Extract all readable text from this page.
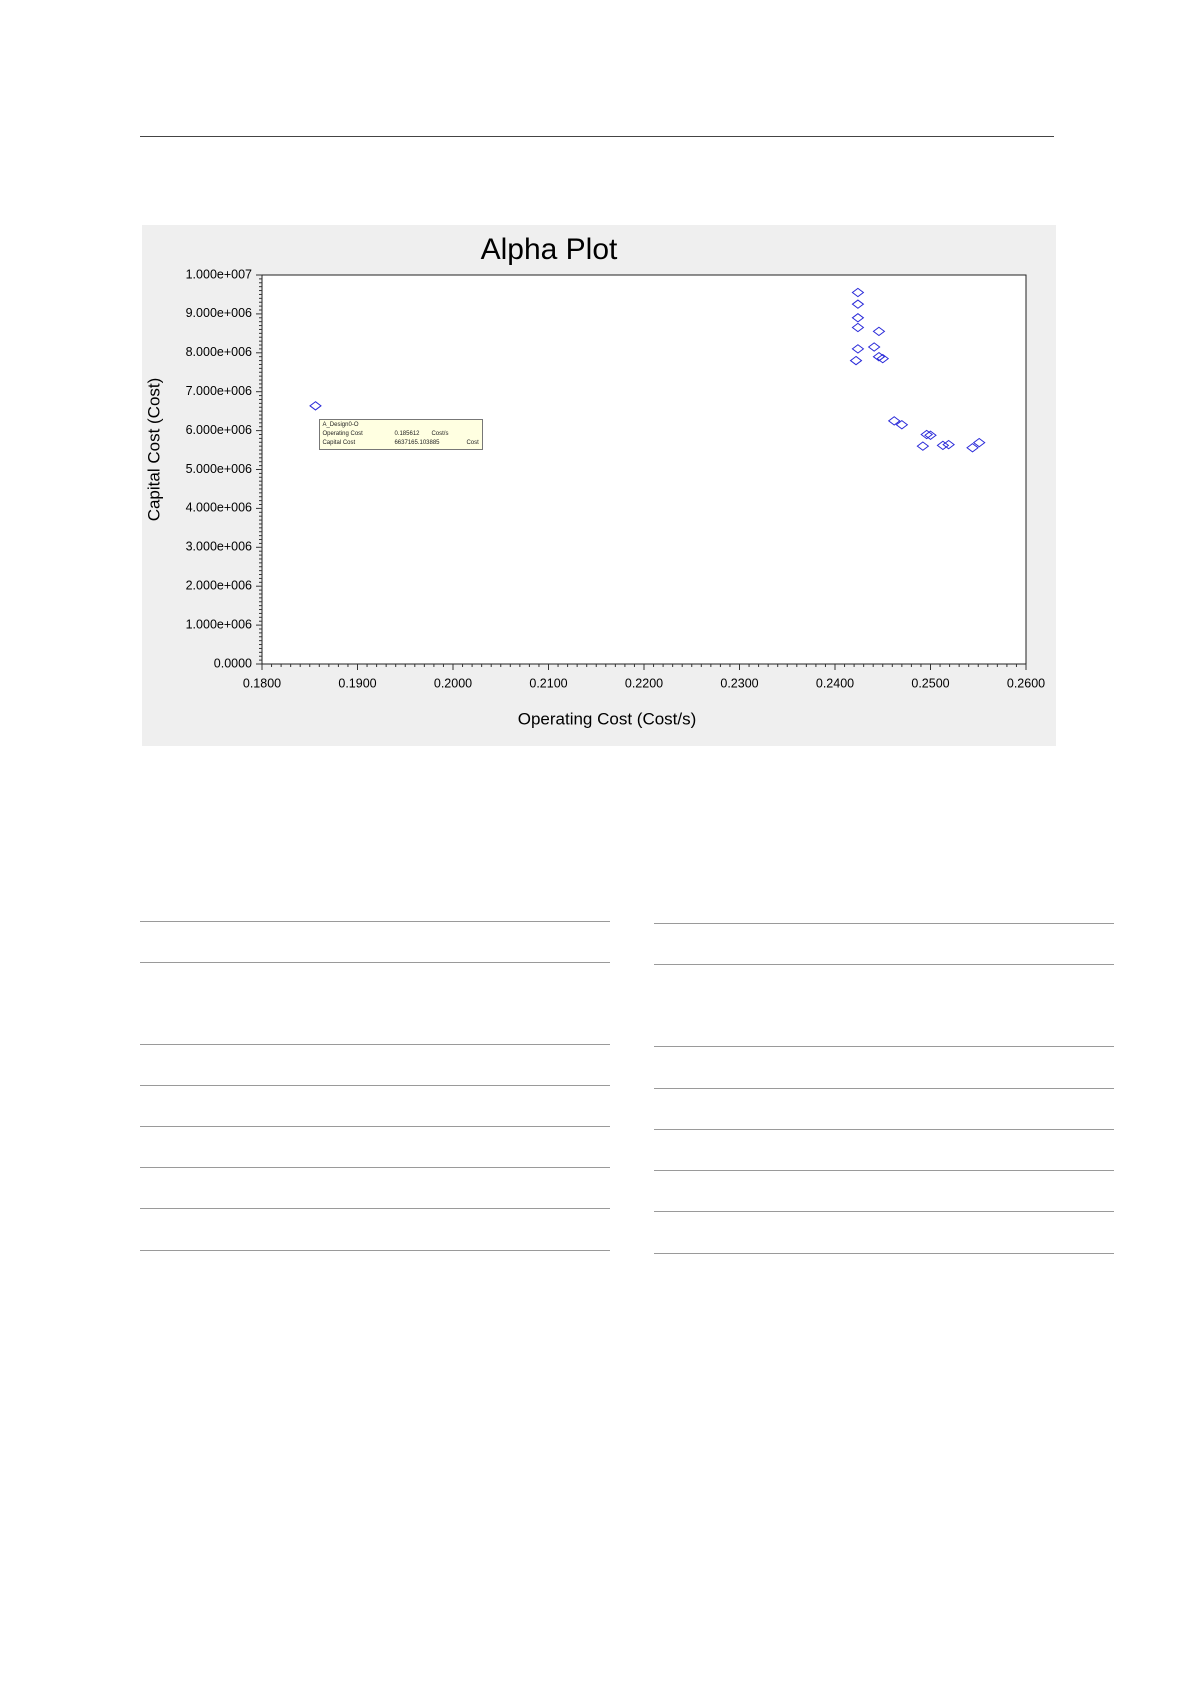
Alpha Plot
0.0000
1.000e+006
2.000e+006
3.000e+006
4.000e+006
5.000e+006
6.000e+006
7.000e+006
8.000e+006
9.000e+006
1.000e+007
0.1800	0.1900	0.2000	0.2100	0.2200	0.2300	0.2400	0.2500	0.2600
Operating Cost (Cost/s)
Capital Cost (Cost)	A_Design0-O
Operating Cost	0.185612	Cost/s
Capital Cost	6637165.103885	Cost
